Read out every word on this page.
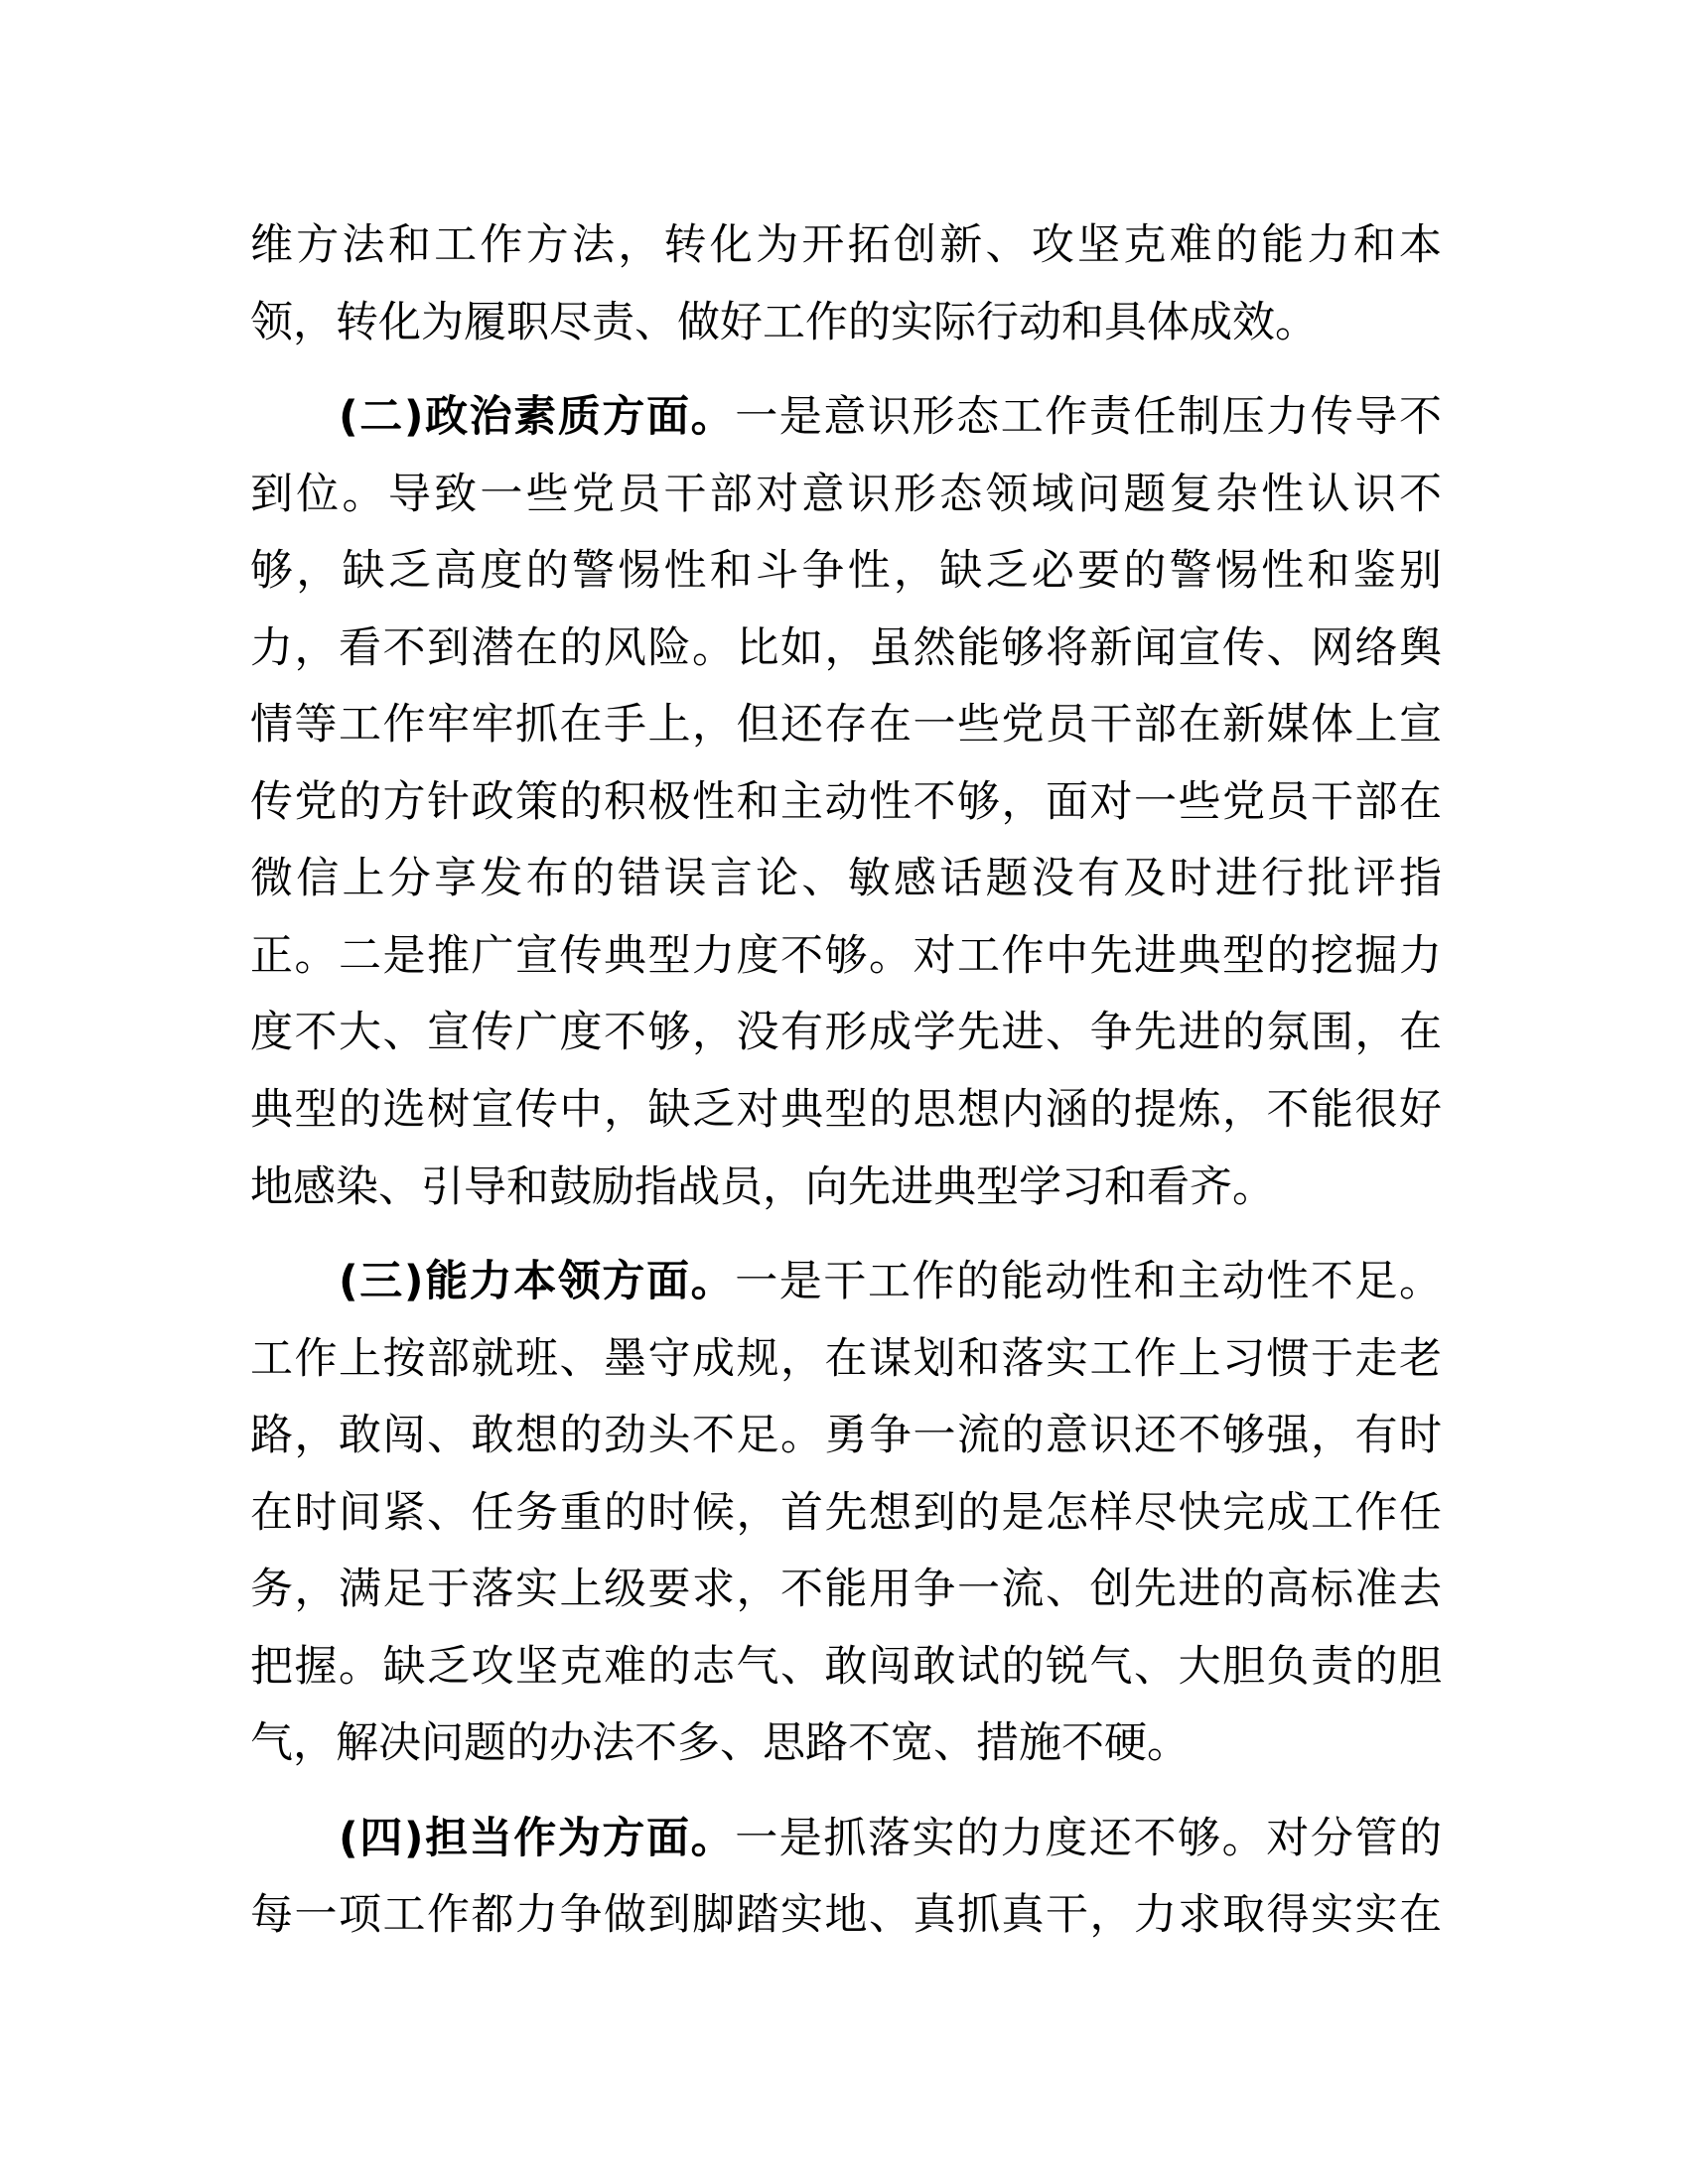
维方法和工作方法，转化为开拓创新、攻坚克难的能力和本
领，转化为履职尽责、做好工作的实际行动和具体成效。
(二)政治素质方面。一是意识形态工作责任制压力传导不
到位。导致一些党员干部对意识形态领域问题复杂性认识不
够，缺乏高度的警惕性和斗争性，缺乏必要的警惕性和鉴别
力，看不到潜在的风险。比如，虽然能够将新闻宣传、网络舆
情等工作牢牢抓在手上，但还存在一些党员干部在新媒体上宣
传党的方针政策的积极性和主动性不够，面对一些党员干部在
微信上分享发布的错误言论、敏感话题没有及时进行批评指
正。二是推广宣传典型力度不够。对工作中先进典型的挖掘力
度不大、宣传广度不够，没有形成学先进、争先进的氛围，在
典型的选树宣传中，缺乏对典型的思想内涵的提炼，不能很好
地感染、引导和鼓励指战员，向先进典型学习和看齐。
(三)能力本领方面。一是干工作的能动性和主动性不足。
工作上按部就班、墨守成规，在谋划和落实工作上习惯于走老
路，敢闯、敢想的劲头不足。勇争一流的意识还不够强，有时
在时间紧、任务重的时候，首先想到的是怎样尽快完成工作任
务，满足于落实上级要求，不能用争一流、创先进的高标准去
把握。缺乏攻坚克难的志气、敢闯敢试的锐气、大胆负责的胆
气，解决问题的办法不多、思路不宽、措施不硬。
(四)担当作为方面。一是抓落实的力度还不够。对分管的
每一项工作都力争做到脚踏实地、真抓真干，力求取得实实在
